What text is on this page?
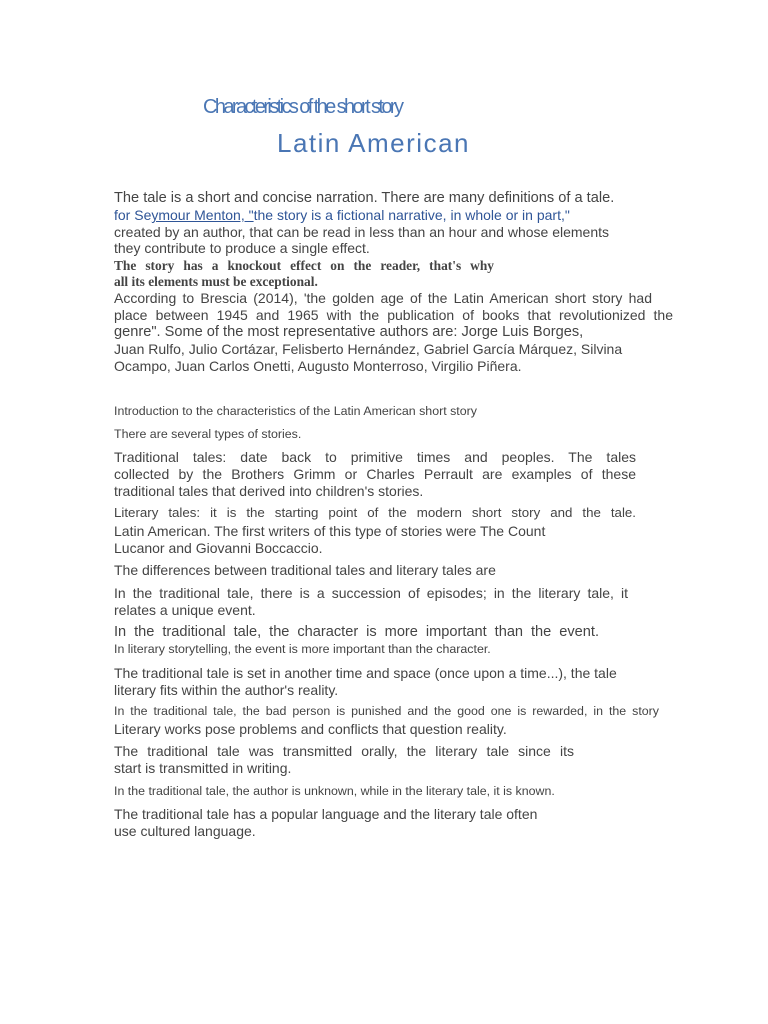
Characteristics of the short story
Latin American
The tale is a short and concise narration. There are many definitions of a tale.
for Seymour Menton, "the story is a fictional narrative, in whole or in part,"
created by an author, that can be read in less than an hour and whose elements
they contribute to produce a single effect.
The story has a knockout effect on the reader, that's why
all its elements must be exceptional.
According to Brescia (2014), 'the golden age of the Latin American short story had
place between 1945 and 1965 with the publication of books that revolutionized the
genre". Some of the most representative authors are: Jorge Luis Borges,
Juan Rulfo, Julio Cortázar, Felisberto Hernández, Gabriel García Márquez, Silvina
Ocampo, Juan Carlos Onetti, Augusto Monterroso, Virgilio Piñera.
Introduction to the characteristics of the Latin American short story
There are several types of stories.
Traditional tales: date back to primitive times and peoples. The tales
collected by the Brothers Grimm or Charles Perrault are examples of these
traditional tales that derived into children's stories.
Literary tales: it is the starting point of the modern short story and the tale.
Latin American. The first writers of this type of stories were The Count
Lucanor and Giovanni Boccaccio.
The differences between traditional tales and literary tales are
In the traditional tale, there is a succession of episodes; in the literary tale, it
relates a unique event.
In the traditional tale, the character is more important than the event.
In literary storytelling, the event is more important than the character.
The traditional tale is set in another time and space (once upon a time...), the tale
literary fits within the author's reality.
In the traditional tale, the bad person is punished and the good one is rewarded, in the story
Literary works pose problems and conflicts that question reality.
The traditional tale was transmitted orally, the literary tale since its
start is transmitted in writing.
In the traditional tale, the author is unknown, while in the literary tale, it is known.
The traditional tale has a popular language and the literary tale often
use cultured language.
